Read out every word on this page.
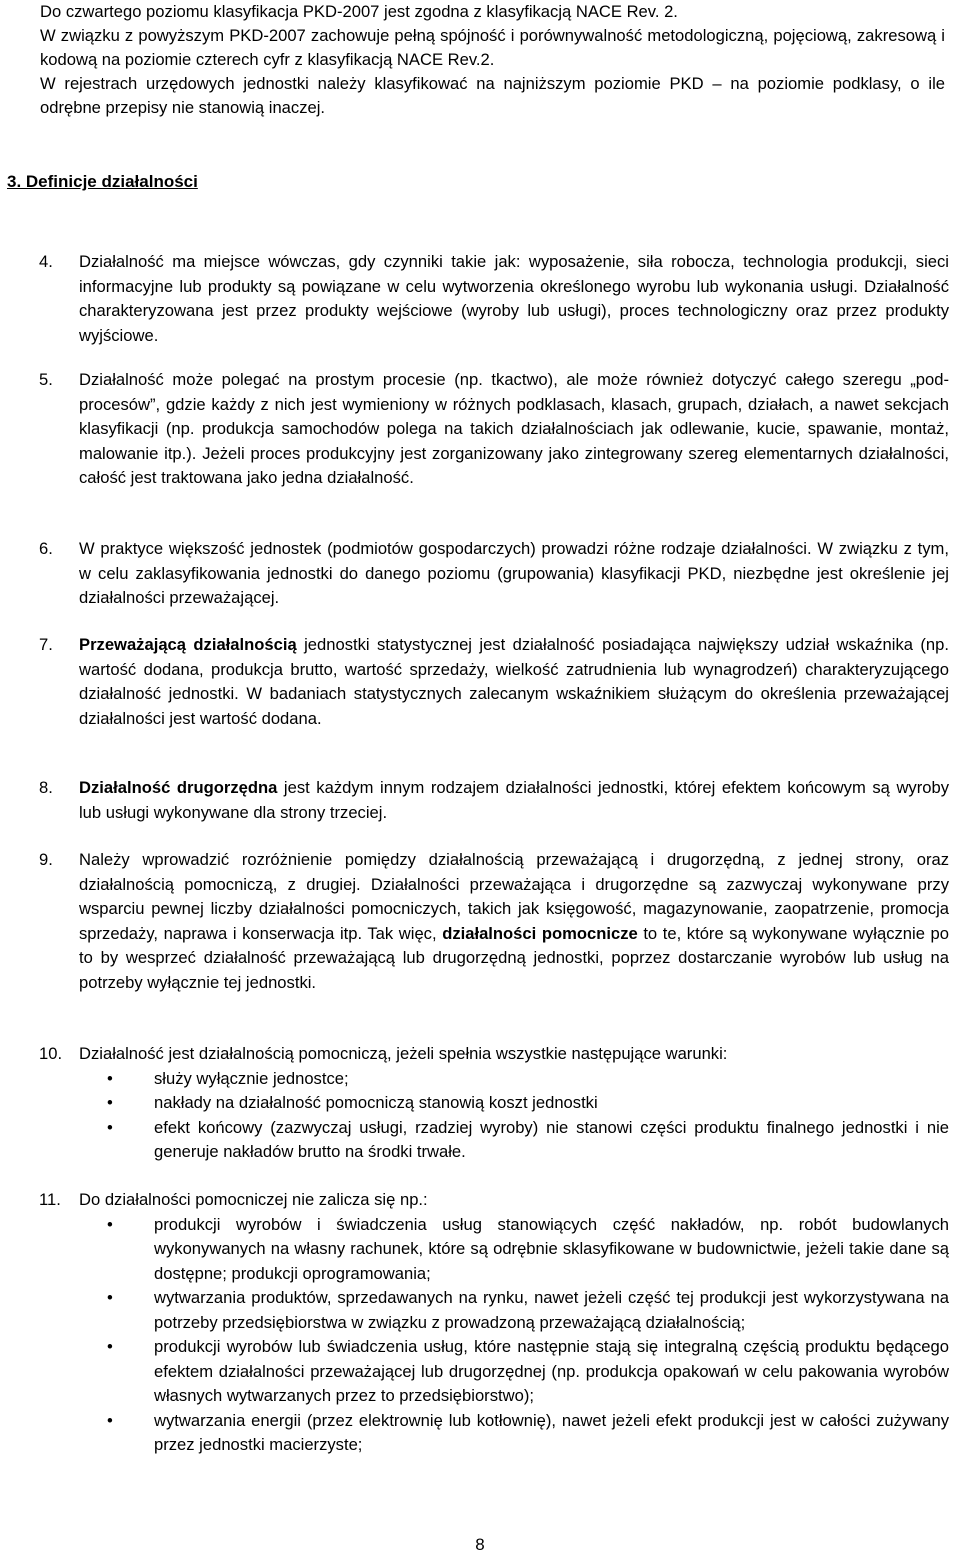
Do czwartego poziomu klasyfikacja PKD-2007 jest zgodna z klasyfikacją NACE Rev. 2.

W związku z powyższym PKD-2007 zachowuje pełną spójność i porównywalność metodologiczną, pojęciową, zakresową i kodową na poziomie czterech cyfr z klasyfikacją NACE Rev.2.

W rejestrach urzędowych jednostki należy klasyfikować na najniższym poziomie PKD – na poziomie podklasy, o ile odrębne przepisy nie stanowią inaczej.

3. Definicje działalności
4. Działalność ma miejsce wówczas, gdy czynniki takie jak: wyposażenie, siła robocza, technologia produkcji, sieci informacyjne lub produkty są powiązane w celu wytworzenia określonego wyrobu lub wykonania usługi. Działalność charakteryzowana jest przez produkty wejściowe (wyroby lub usługi), proces technologiczny oraz przez produkty wyjściowe.
5. Działalność może polegać na prostym procesie (np. tkactwo), ale może również dotyczyć całego szeregu „pod-procesów”, gdzie każdy z nich jest wymieniony w różnych podklasach, klasach, grupach, działach, a nawet sekcjach klasyfikacji (np. produkcja samochodów polega na takich działalnościach jak odlewanie, kucie, spawanie, montaż, malowanie itp.). Jeżeli proces produkcyjny jest zorganizowany jako zintegrowany szereg elementarnych działalności, całość jest traktowana jako jedna działalność.
6. W praktyce większość jednostek (podmiotów gospodarczych) prowadzi różne rodzaje działalności. W związku z tym, w celu zaklasyfikowania jednostki do danego poziomu (grupowania) klasyfikacji PKD, niezbędne jest określenie jej działalności przeważającej.
7. Przeważającą działalnością jednostki statystycznej jest działalność posiadająca największy udział wskaźnika (np. wartość dodana, produkcja brutto, wartość sprzedaży, wielkość zatrudnienia lub wynagrodzeń) charakteryzującego działalność jednostki. W badaniach statystycznych zalecanym wskaźnikiem służącym do określenia przeważającej działalności jest wartość dodana.
8. Działalność drugorzędna jest każdym innym rodzajem działalności jednostki, której efektem końcowym są wyroby lub usługi wykonywane dla strony trzeciej.
9. Należy wprowadzić rozróżnienie pomiędzy działalnością przeważającą i drugorzędną, z jednej strony, oraz działalnością pomocniczą, z drugiej. Działalności przeważająca i drugorzędne są zazwyczaj wykonywane przy wsparciu pewnej liczby działalności pomocniczych, takich jak księgowość, magazynowanie, zaopatrzenie, promocja sprzedaży, naprawa i konserwacja itp. Tak więc, działalności pomocnicze to te, które są wykonywane wyłącznie po to by wesprzeć działalność przeważającą lub drugorzędną jednostki, poprzez dostarczanie wyrobów lub usług na potrzeby wyłącznie tej jednostki.
10. Działalność jest działalnością pomocniczą, jeżeli spełnia wszystkie następujące warunki:
• służy wyłącznie jednostce;
• nakłady na działalność pomocniczą stanowią koszt jednostki
• efekt końcowy (zazwyczaj usługi, rzadziej wyroby) nie stanowi części produktu finalnego jednostki i nie generuje nakładów brutto na środki trwałe.
11. Do działalności pomocniczej nie zalicza się np.:
• produkcji wyrobów i świadczenia usług stanowiących część nakładów, np. robót budowlanych wykonywanych na własny rachunek, które są odrębnie sklasyfikowane w budownictwie, jeżeli takie dane są dostępne; produkcji oprogramowania;
• wytwarzania produktów, sprzedawanych na rynku, nawet jeżeli część tej produkcji jest wykorzystywana na potrzeby przedsiębiorstwa w związku z prowadzoną przeważającą działalnością;
• produkcji wyrobów lub świadczenia usług, które następnie stają się integralną częścią produktu będącego efektem działalności przeważającej lub drugorzędnej (np. produkcja opakowań w celu pakowania wyrobów własnych wytwarzanych przez to przedsiębiorstwo);
• wytwarzania energii (przez elektrownię lub kotłownię), nawet jeżeli efekt produkcji jest w całości zużywany przez jednostki macierzyste;
8
